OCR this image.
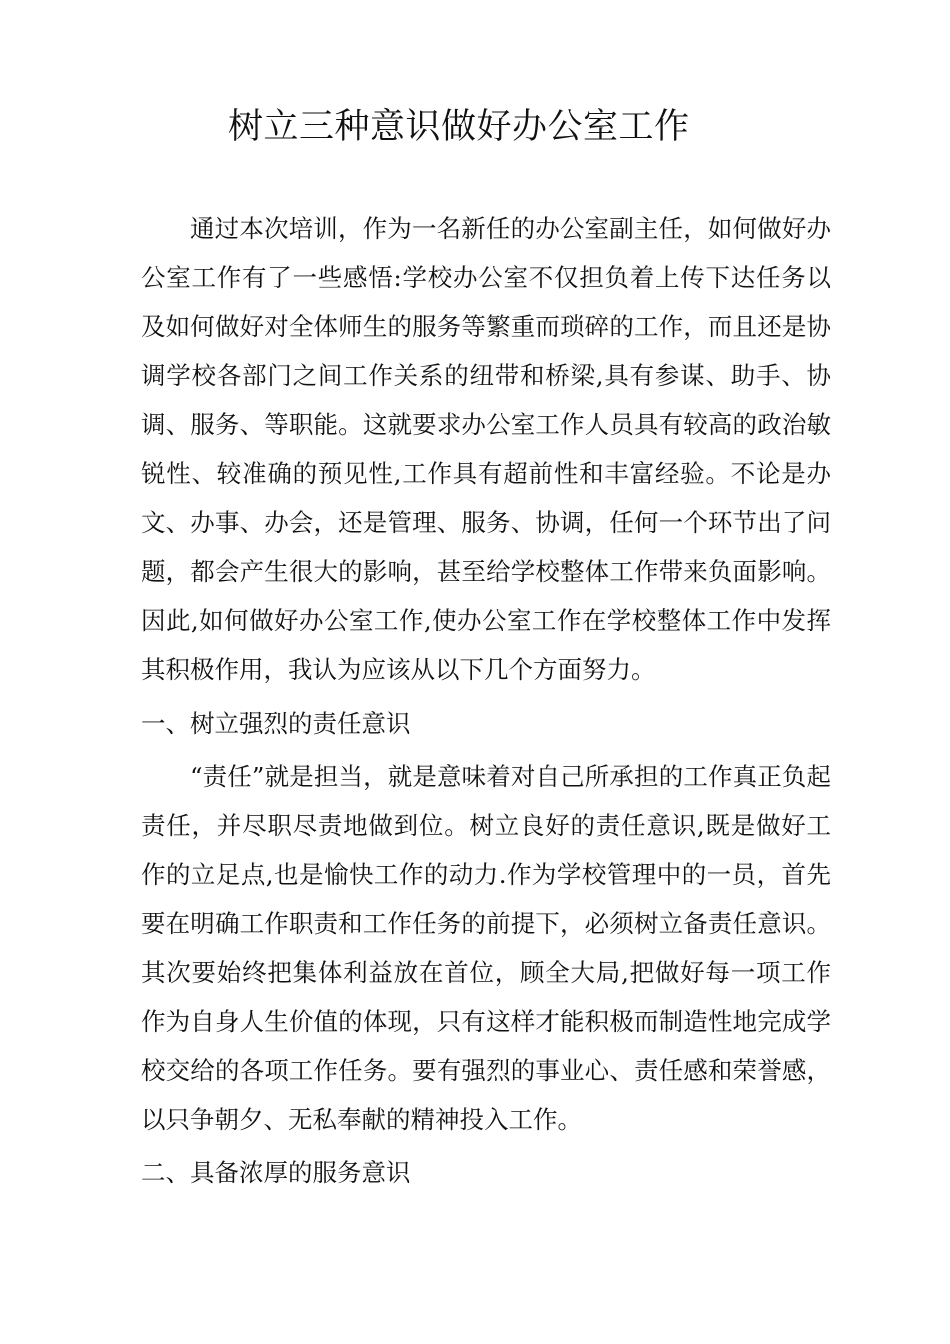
树立三种意识做好办公室工作

通过本次培训，作为一名新任的办公室副主任，如何做好办公室工作有了一些感悟:学校办公室不仅担负着上传下达任务以及如何做好对全体师生的服务等繁重而琐碎的工作，而且还是协调学校各部门之间工作关系的纽带和桥梁,具有参谋、助手、协调、服务、等职能。这就要求办公室工作人员具有较高的政治敏锐性、较准确的预见性,工作具有超前性和丰富经验。不论是办文、办事、办会，还是管理、服务、协调，任何一个环节出了问题，都会产生很大的影响，甚至给学校整体工作带来负面影响。因此,如何做好办公室工作,使办公室工作在学校整体工作中发挥其积极作用，我认为应该从以下几个方面努力。

一、树立强烈的责任意识

“责任”就是担当，就是意味着对自己所承担的工作真正负起责任，并尽职尽责地做到位。树立良好的责任意识,既是做好工作的立足点,也是愉快工作的动力.作为学校管理中的一员，首先要在明确工作职责和工作任务的前提下，必须树立备责任意识。其次要始终把集体利益放在首位，顾全大局,把做好每一项工作作为自身人生价值的体现，只有这样才能积极而制造性地完成学校交给的各项工作任务。要有强烈的事业心、责任感和荣誉感，以只争朝夕、无私奉献的精神投入工作。

二、具备浓厚的服务意识
